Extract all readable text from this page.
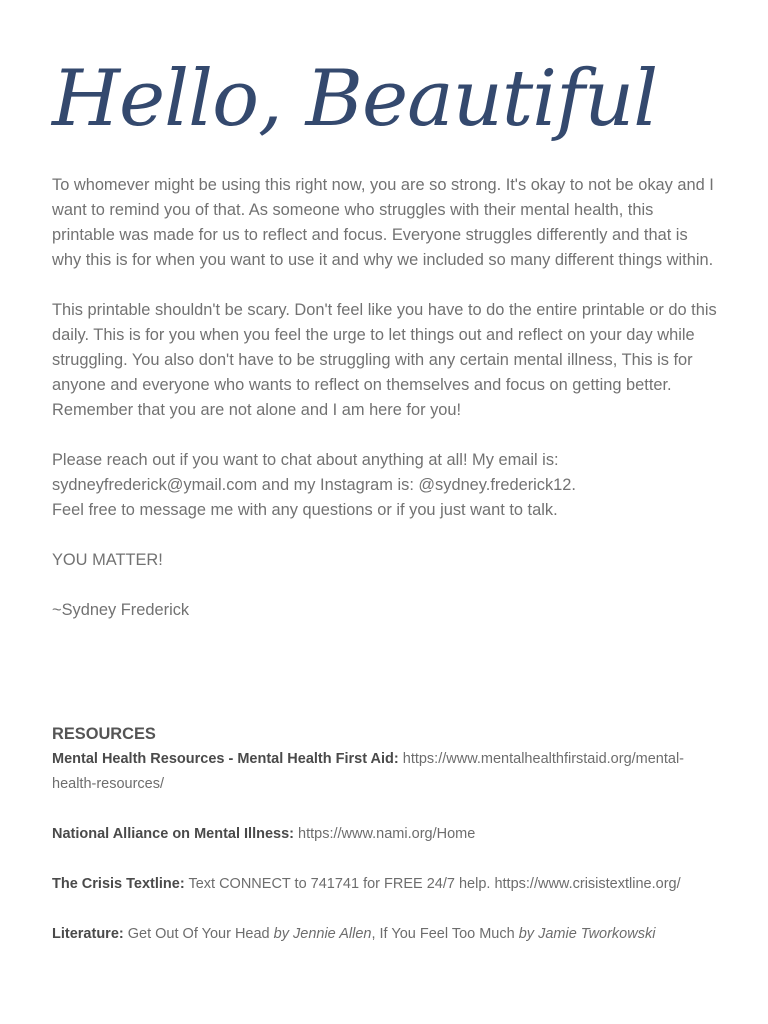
Hello, Beautiful

To whomever might be using this right now, you are so strong. It's okay to not be okay and I want to remind you of that. As someone who struggles with their mental health, this printable was made for us to reflect and focus. Everyone struggles differently and that is why this is for when you want to use it and why we included so many different things within.

This printable shouldn't be scary. Don't feel like you have to do the entire printable or do this daily. This is for you when you feel the urge to let things out and reflect on your day while struggling. You also don't have to be struggling with any certain mental illness, This is for anyone and everyone who wants to reflect on themselves and focus on getting better. Remember that you are not alone and I am here for you!

Please reach out if you want to chat about anything at all! My email is:
sydneyfrederick@ymail.com and my Instagram is: @sydney.frederick12.
Feel free to message me with any questions or if you just want to talk.

YOU MATTER!

~Sydney Frederick

RESOURCES
Mental Health Resources - Mental Health First Aid: https://www.mentalhealthfirstaid.org/mental-health-resources/
National Alliance on Mental Illness: https://www.nami.org/Home
The Crisis Textline: Text CONNECT to 741741 for FREE 24/7 help. https://www.crisistextline.org/
Literature: Get Out Of Your Head by Jennie Allen, If You Feel Too Much by Jamie Tworkowski
